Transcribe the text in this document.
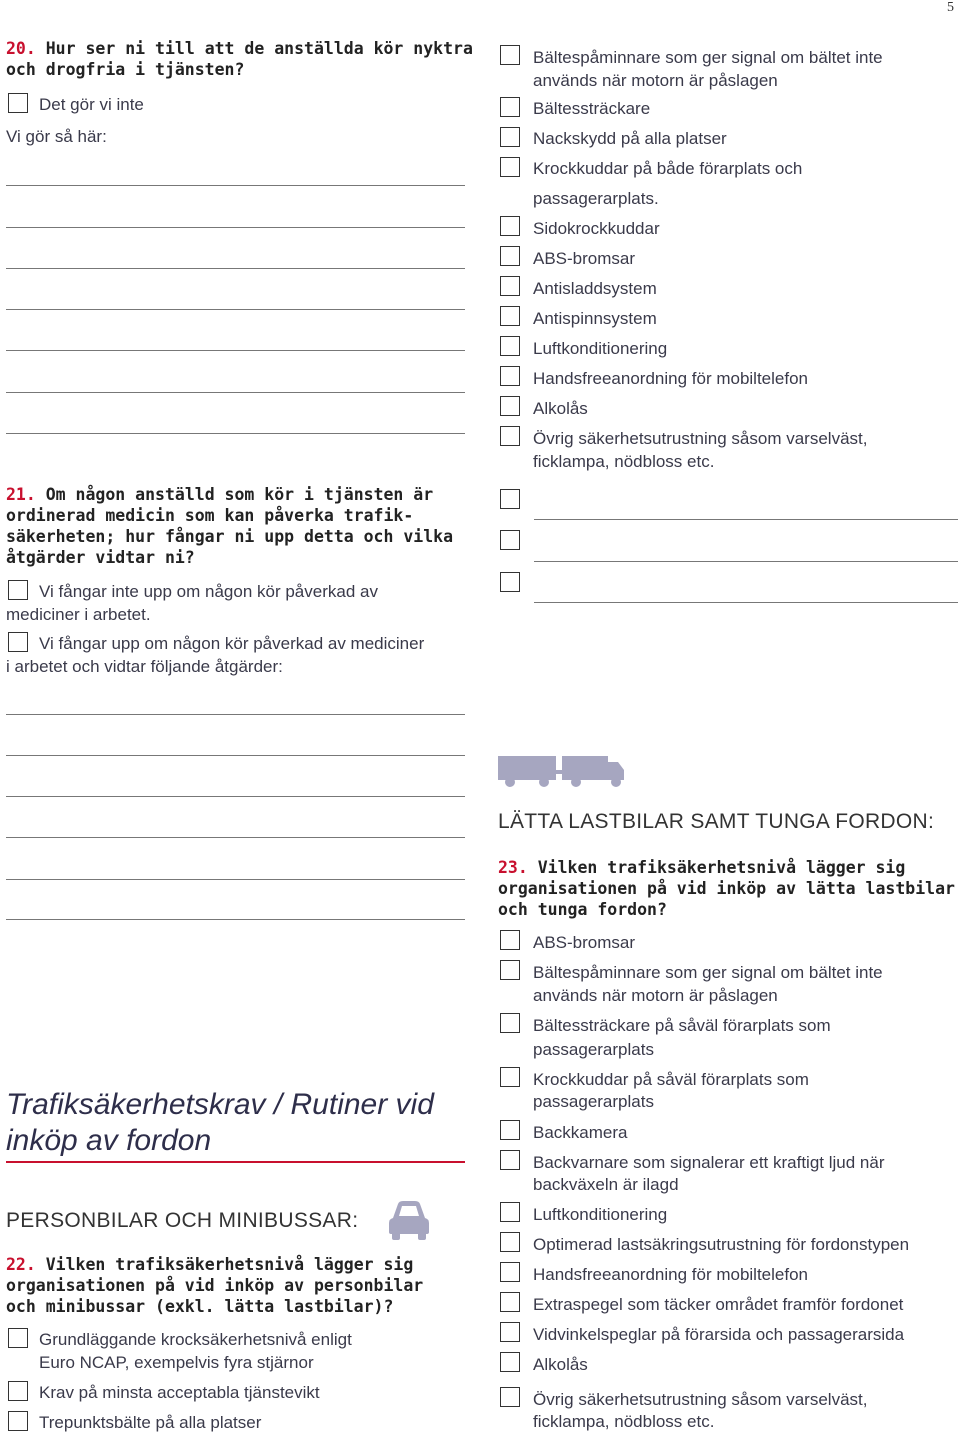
5
20. Hur ser ni till att de anställda kör nyktra
och drogfria i tjänsten?
Det gör vi inte
Vi gör så här:
21. Om någon anställd som kör i tjänsten är
ordinerad medicin som kan påverka trafik-
säkerheten; hur fångar ni upp detta och vilka
åtgärder vidtar ni?
Vi fångar inte upp om någon kör påverkad av
mediciner i arbetet.
Vi fångar upp om någon kör påverkad av mediciner
i arbetet och vidtar följande åtgärder:
Trafiksäkerhetskrav / Rutiner vid
inköp av fordon
PERSONBILAR OCH MINIBUSSAR:
22. Vilken trafiksäkerhetsnivå lägger sig
organisationen på vid inköp av personbilar
och minibussar (exkl. lätta lastbilar)?
Grundläggande krocksäkerhetsnivå enligt
Euro NCAP, exempelvis fyra stjärnor
Krav på minsta acceptabla tjänstevikt
Trepunktsbälte på alla platser
Bältespåminnare som ger signal om bältet inte
används när motorn är påslagen
Bältessträckare
Nackskydd på alla platser
Krockkuddar på både förarplats och
passagerarplats.
Sidokrockkuddar
ABS-bromsar
Antisladdsystem
Antispinnsystem
Luftkonditionering
Handsfreeanordning för mobiltelefon
Alkolås
Övrig säkerhetsutrustning såsom varselväst,
ficklampa, nödbloss etc.
LÄTTA LASTBILAR SAMT TUNGA FORDON:
23. Vilken trafiksäkerhetsnivå lägger sig
organisationen på vid inköp av lätta lastbilar
och tunga fordon?
ABS-bromsar
Bältespåminnare som ger signal om bältet inte
används när motorn är påslagen
Bältessträckare på såväl förarplats som
passagerarplats
Krockkuddar på såväl förarplats som
passagerarplats
Backkamera
Backvarnare som signalerar ett kraftigt ljud när
backväxeln är ilagd
Luftkonditionering
Optimerad lastsäkringsutrustning för fordonstypen
Handsfreeanordning för mobiltelefon
Extraspegel som täcker området framför fordonet
Vidvinkelspeglar på förarsida och passagerarsida
Alkolås
Övrig säkerhetsutrustning såsom varselväst,
ficklampa, nödbloss etc.
